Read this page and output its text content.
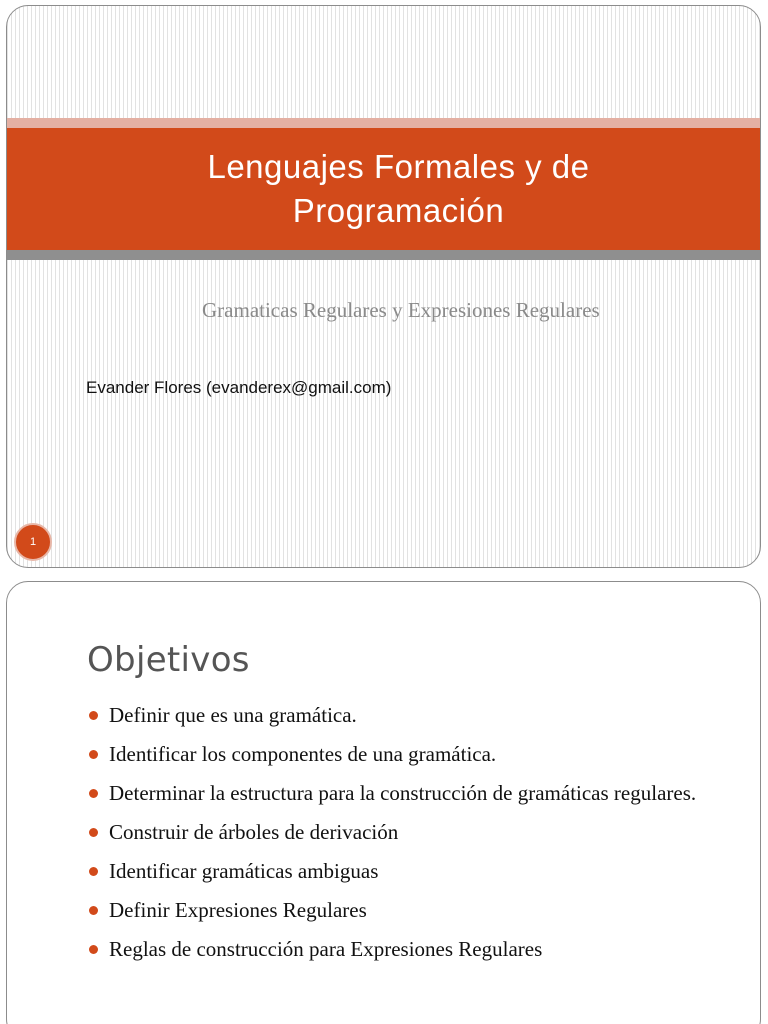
Lenguajes Formales y de
Programación
Gramaticas Regulares y Expresiones Regulares
Evander Flores (evanderex@gmail.com)
1
Objetivos
Definir que es una gramática.
Identificar los componentes de una gramática.
Determinar la estructura para la construcción de gramáticas regulares.
Construir de árboles de derivación
Identificar gramáticas ambiguas
Definir Expresiones Regulares
Reglas de construcción para Expresiones Regulares
